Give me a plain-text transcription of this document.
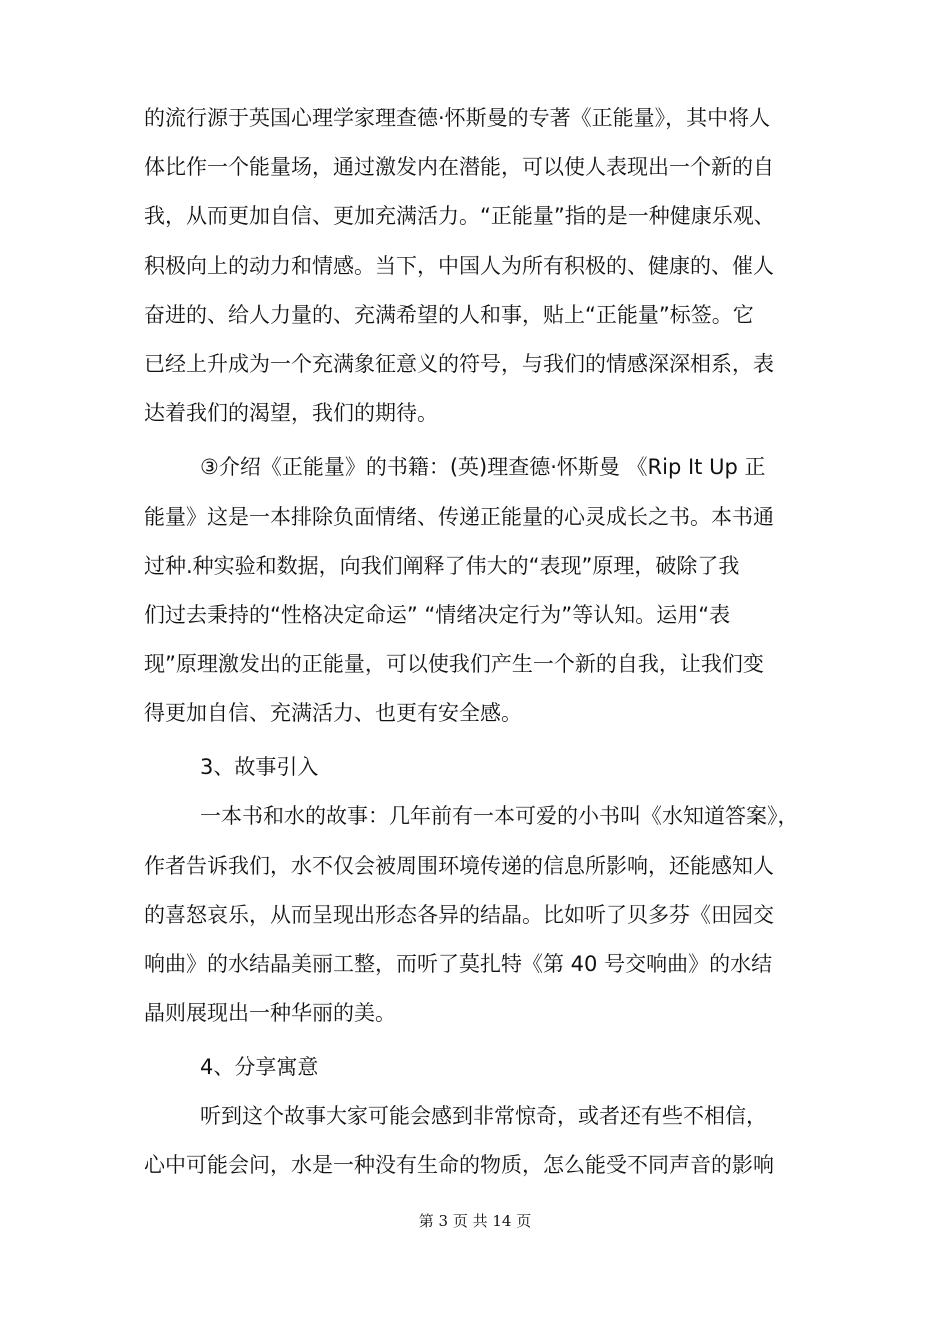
的流行源于英国心理学家理查德·怀斯曼的专著《正能量》，其中将人
体比作一个能量场，通过激发内在潜能，可以使人表现出一个新的自
我，从而更加自信、更加充满活力。“正能量”指的是一种健康乐观、
积极向上的动力和情感。当下，中国人为所有积极的、健康的、催人
奋进的、给人力量的、充满希望的人和事，贴上“正能量”标签。它
已经上升成为一个充满象征意义的符号，与我们的情感深深相系，表
达着我们的渴望，我们的期待。
③介绍《正能量》的书籍：(英)理查德·怀斯曼 《Rip It Up 正
能量》这是一本排除负面情绪、传递正能量的心灵成长之书。本书通
过种.种实验和数据，向我们阐释了伟大的“表现”原理，破除了我
们过去秉持的“性格决定命运” “情绪决定行为”等认知。运用“表
现”原理激发出的正能量，可以使我们产生一个新的自我，让我们变
得更加自信、充满活力、也更有安全感。
3、故事引入
一本书和水的故事：几年前有一本可爱的小书叫《水知道答案》，
作者告诉我们，水不仅会被周围环境传递的信息所影响，还能感知人
的喜怒哀乐，从而呈现出形态各异的结晶。比如听了贝多芬《田园交
响曲》的水结晶美丽工整，而听了莫扎特《第 40 号交响曲》的水结
晶则展现出一种华丽的美。
4、分享寓意
听到这个故事大家可能会感到非常惊奇，或者还有些不相信，
心中可能会问，水是一种没有生命的物质，怎么能受不同声音的影响
第 3 页 共 14 页
